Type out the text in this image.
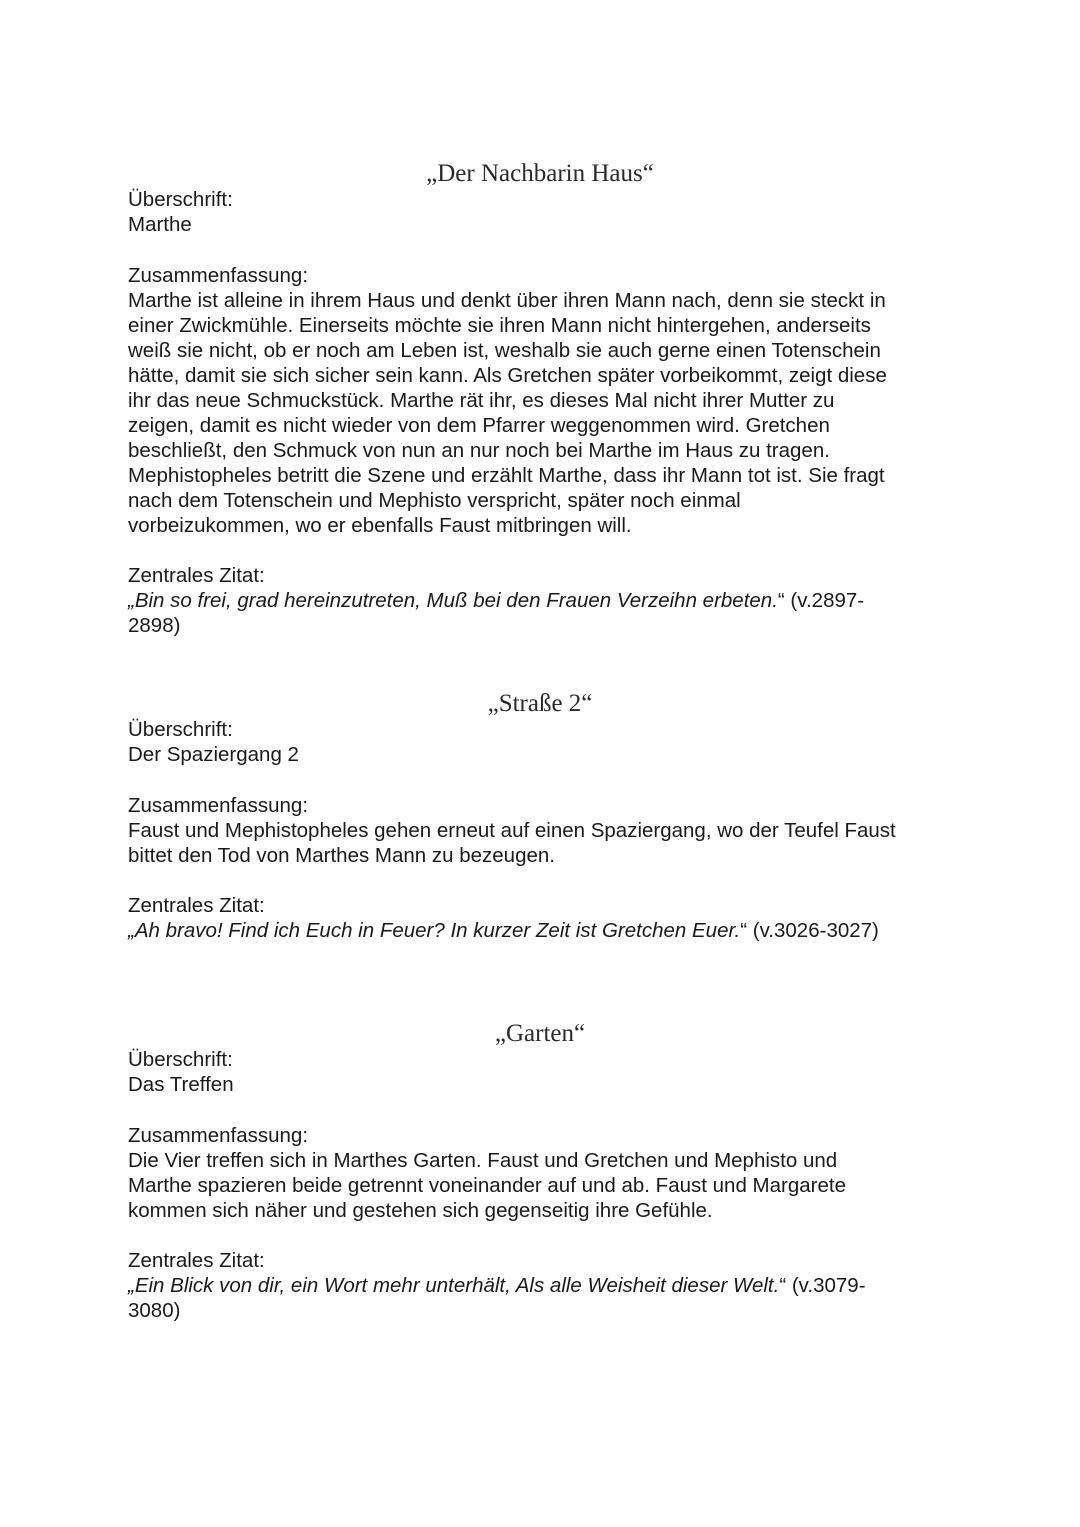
„Der Nachbarin Haus“

Überschrift:

Marthe

Zusammenfassung:

Marthe ist alleine in ihrem Haus und denkt über ihren Mann nach, denn sie steckt in

einer Zwickmühle. Einerseits möchte sie ihren Mann nicht hintergehen, anderseits

weiß sie nicht, ob er noch am Leben ist, weshalb sie auch gerne einen Totenschein

hätte, damit sie sich sicher sein kann. Als Gretchen später vorbeikommt, zeigt diese

ihr das neue Schmuckstück. Marthe rät ihr, es dieses Mal nicht ihrer Mutter zu

zeigen, damit es nicht wieder von dem Pfarrer weggenommen wird. Gretchen

beschließt, den Schmuck von nun an nur noch bei Marthe im Haus zu tragen.

Mephistopheles betritt die Szene und erzählt Marthe, dass ihr Mann tot ist. Sie fragt

nach dem Totenschein und Mephisto verspricht, später noch einmal

vorbeizukommen, wo er ebenfalls Faust mitbringen will.

Zentrales Zitat:

„Bin so frei, grad hereinzutreten, Muß bei den Frauen Verzeihn erbeten.“ (v.2897-

2898)

„Straße 2“

Überschrift:

Der Spaziergang 2

Zusammenfassung:

Faust und Mephistopheles gehen erneut auf einen Spaziergang, wo der Teufel Faust

bittet den Tod von Marthes Mann zu bezeugen.

Zentrales Zitat:

„Ah bravo! Find ich Euch in Feuer? In kurzer Zeit ist Gretchen Euer.“ (v.3026-3027)

„Garten“

Überschrift:

Das Treffen

Zusammenfassung:

Die Vier treffen sich in Marthes Garten. Faust und Gretchen und Mephisto und

Marthe spazieren beide getrennt voneinander auf und ab. Faust und Margarete

kommen sich näher und gestehen sich gegenseitig ihre Gefühle.

Zentrales Zitat:

„Ein Blick von dir, ein Wort mehr unterhält, Als alle Weisheit dieser Welt.“ (v.3079-

3080)
